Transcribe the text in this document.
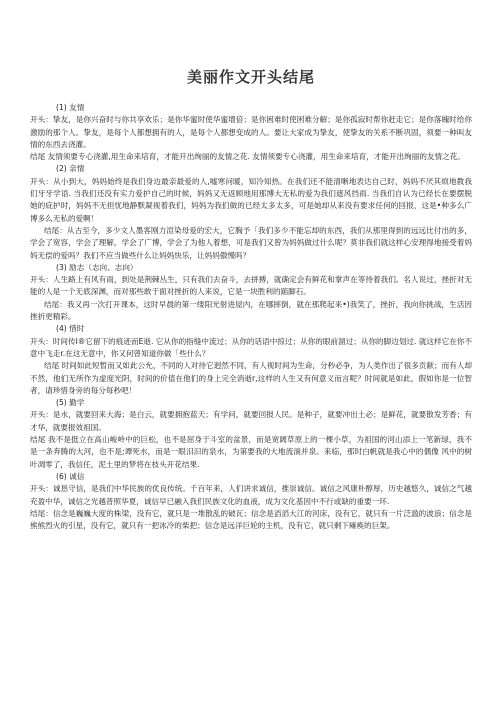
美丽作文开头结尾

(1) 友情

开头：挚友，是你兴奋时与你共享欢乐；是你华蜜时使华蜜增倍；是你困难时使困难分解；是你孤寂时帮你赶走它；是你落魄时给你激励的那个人。挚友，是每个人都想拥有的人，是每个人都想变成的人。要让大家成为挚友，使挚友的关系不断巩固，须要一种叫友情的东西去浇灌。

结尾 友情须要专心浇灌,用生命来培育，才能开出绚丽的友情之花. 友情须要专心浇灌，用生命来培育，才能开出绚丽的友情之花。

(2) 亲情

开头：从小到大，妈妈始终是我们身边最亲最爱的人,嘘寒问暖，知冷知热。在我们还不能清晰地表达自己时，妈妈不厌其烦地教我们牙牙学语. 当我们还没有实力爱护自己的时候，妈妈又无返顾地用那博大无私的爱为我们遮风挡雨. 当我们自认为已经长在要摆脱她的庇护时，妈妈不无担忧地静默凝视着我们，妈妈为我们做的已经太多太多，可是她却从来没有要求任何的回报，这是•种多么广博多么无私的爱啊！

结尾：从古至今，多少文人墨客刚力渲染母爱的宏大，它胸予「我们多少不能忘却的东西，我们从那里得到的远远比付出的多，学会了宽容，学会了理解，学会了广博，学会了为他人着想，可是我们又曾为妈妈做过什么呢？莫非我们就这样心安理得地接受着妈妈无偿的爱吗？我们不应当做些什么让妈妈快乐，让妈妈傲慢吗？

(3) 励志（志向、志向）

开头：人生路上有风有雨，到处是荆棘丛生，只有我们去奋斗，去拼搏，就确定会有鲜花和掌声在等待着我们。名人说过，挫折对无能的人是一个无底深渊，而对那些敢于面对挫折的人来说，它是一块胜利的踮脚石。

结尾：我又再一次打开课本，这时早晨的第一缕阳光射进屋内，在哪摔倒，就在那爬起来•)我笑了，挫折，我向你挑战，生活因挫折更精彩。

(4) 惜时

开头：时间传I®它留下的痕迹而E逝. 它从你的指缝中流过；从你的话语中掠过；从你的眼前溜过；从你的脚边划过. 就这样它在你不意中飞走r.在这无意中，你又何曾知道你做「些什么？

结尾 时间如此短暂而又如此公允，不同的人对待它迥然不同，有人视时间为生命，分秒必争，为人类作出了很多贡献；而有人却不然，他们无所作为虚度光阴，时间的价值在他们的身上完全消逝r,这样的人生又有何意义而言呢？时间就是如此，假如你是一位智者，请珍惜身旁的每分每秒吧！

(5) 勤学

开头：是水，就要回来大海；是白云，就要拥抱蓝天；有学问，就要回报人民。是种子，就要冲出土必；是鲜花，就要散发芳香；有才华，就要报效祖国。

结尾 我不是挺立在高山峻岭中的巨松，也不是屈身于斗室的盆景，而是宽阔草原上的一棵小草，为祖国的河山添上一笔新绿，我不是一条奔腾的大河，也不是;谭死水，而是一眼汨汨的泉水，为第要我的大地流淌并泉。来临，那时白帆就是我心中的偶像 风中的树叶凋零了，我信任，泥土里的梦将在枝头开花结果.

(6) 诚信

开头：诚恳守信，是我们中华民族的优良传统。千百年来，人们讲求诚信，推崇诚信。诚信之风康朴醇厚，历史越悠久，诚信之气越充盈中华，诚信之光越普照华夏，诚信早已融入我们民族文化的血液，成为文化基因中不行或缺的重要一环.

结尾：信念是巍巍大度的株梁，没有它，就只是一堆散乱的破瓦；信念是滔滔大江的河床，没有它，就只有一片泛滥的波浪；信念是熊熊烈火的引星，没有它，就只有一把冰冷的柴把；信念是远洋巨轮的主机，没有它，就只剩下瘫痪的巨架。
